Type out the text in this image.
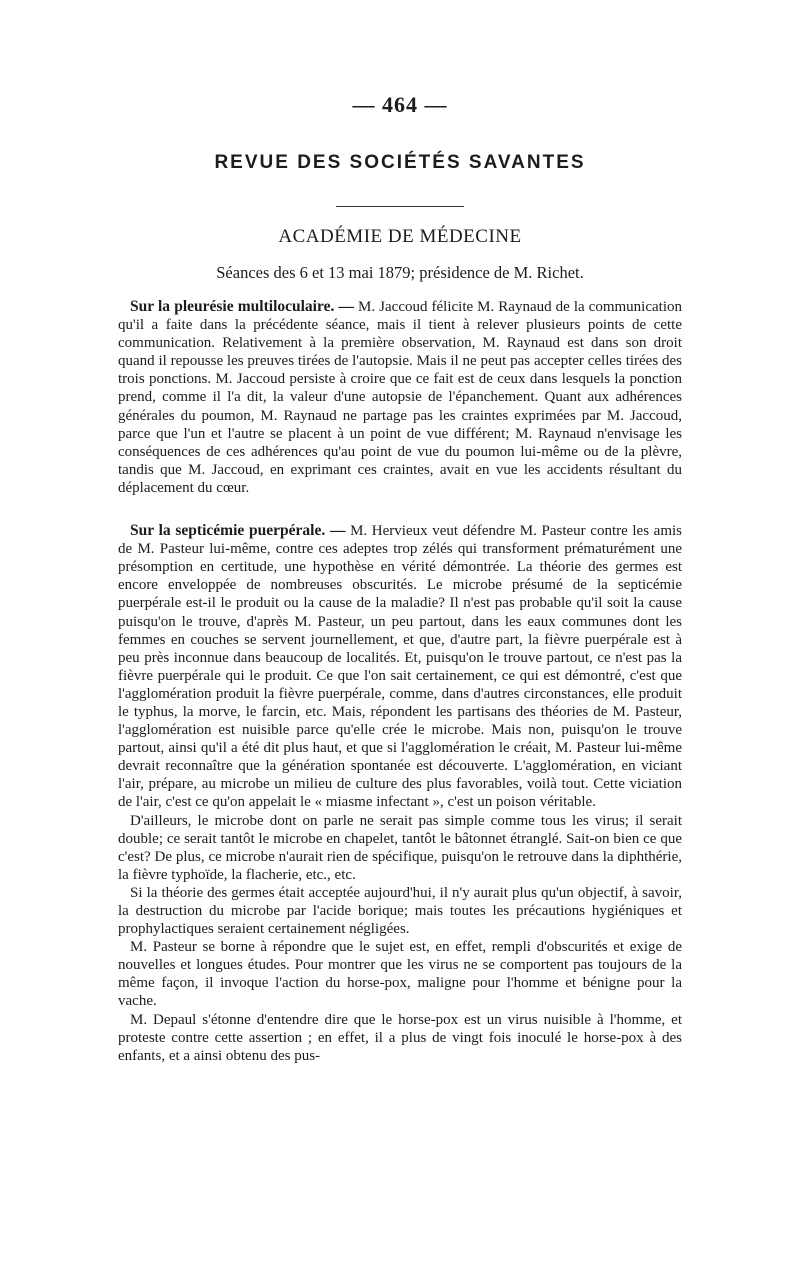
— 464 —
REVUE DES SOCIÉTÉS SAVANTES
ACADÉMIE DE MÉDECINE
Séances des 6 et 13 mai 1879; présidence de M. Richet.

Sur la pleurésie multiloculaire. — M. Jaccoud félicite M. Raynaud de la communication qu'il a faite dans la précédente séance, mais il tient à relever plusieurs points de cette communication. Relativement à la première observation, M. Raynaud est dans son droit quand il repousse les preuves tirées de l'autopsie. Mais il ne peut pas accepter celles tirées des trois ponctions. M. Jaccoud persiste à croire que ce fait est de ceux dans lesquels la ponction prend, comme il l'a dit, la valeur d'une autopsie de l'épanchement. Quant aux adhérences générales du poumon, M. Raynaud ne partage pas les craintes exprimées par M. Jaccoud, parce que l'un et l'autre se placent à un point de vue différent; M. Raynaud n'envisage les conséquences de ces adhérences qu'au point de vue du poumon lui-même ou de la plèvre, tandis que M. Jaccoud, en exprimant ces craintes, avait en vue les accidents résultant du déplacement du cœur.

Sur la septicémie puerpérale. — M. Hervieux veut défendre M. Pasteur contre les amis de M. Pasteur lui-même, contre ces adeptes trop zélés qui transforment prématurément une présomption en certitude, une hypothèse en vérité démontrée. La théorie des germes est encore enveloppée de nombreuses obscurités. Le microbe présumé de la septicémie puerpérale est-il le produit ou la cause de la maladie? Il n'est pas probable qu'il soit la cause puisqu'on le trouve, d'après M. Pasteur, un peu partout, dans les eaux communes dont les femmes en couches se servent journellement, et que, d'autre part, la fièvre puerpérale est à peu près inconnue dans beaucoup de localités. Et, puisqu'on le trouve partout, ce n'est pas la fièvre puerpérale qui le produit. Ce que l'on sait certainement, ce qui est démontré, c'est que l'agglomération produit la fièvre puerpérale, comme, dans d'autres circonstances, elle produit le typhus, la morve, le farcin, etc. Mais, répondent les partisans des théories de M. Pasteur, l'agglomération est nuisible parce qu'elle crée le microbe. Mais non, puisqu'on le trouve partout, ainsi qu'il a été dit plus haut, et que si l'agglomération le créait, M. Pasteur lui-même devrait reconnaître que la génération spontanée est découverte. L'agglomération, en viciant l'air, prépare, au microbe un milieu de culture des plus favorables, voilà tout. Cette viciation de l'air, c'est ce qu'on appelait le « miasme infectant », c'est un poison véritable.

D'ailleurs, le microbe dont on parle ne serait pas simple comme tous les virus; il serait double; ce serait tantôt le microbe en chapelet, tantôt le bâtonnet étranglé. Sait-on bien ce que c'est? De plus, ce microbe n'aurait rien de spécifique, puisqu'on le retrouve dans la diphthérie, la fièvre typhoïde, la flacherie, etc., etc.

Si la théorie des germes était acceptée aujourd'hui, il n'y aurait plus qu'un objectif, à savoir, la destruction du microbe par l'acide borique; mais toutes les précautions hygiéniques et prophylactiques seraient certainement négligées.

M. Pasteur se borne à répondre que le sujet est, en effet, rempli d'obscurités et exige de nouvelles et longues études. Pour montrer que les virus ne se comportent pas toujours de la même façon, il invoque l'action du horse-pox, maligne pour l'homme et bénigne pour la vache.

M. Depaul s'étonne d'entendre dire que le horse-pox est un virus nuisible à l'homme, et proteste contre cette assertion ; en effet, il a plus de vingt fois inoculé le horse-pox à des enfants, et a ainsi obtenu des pus-
